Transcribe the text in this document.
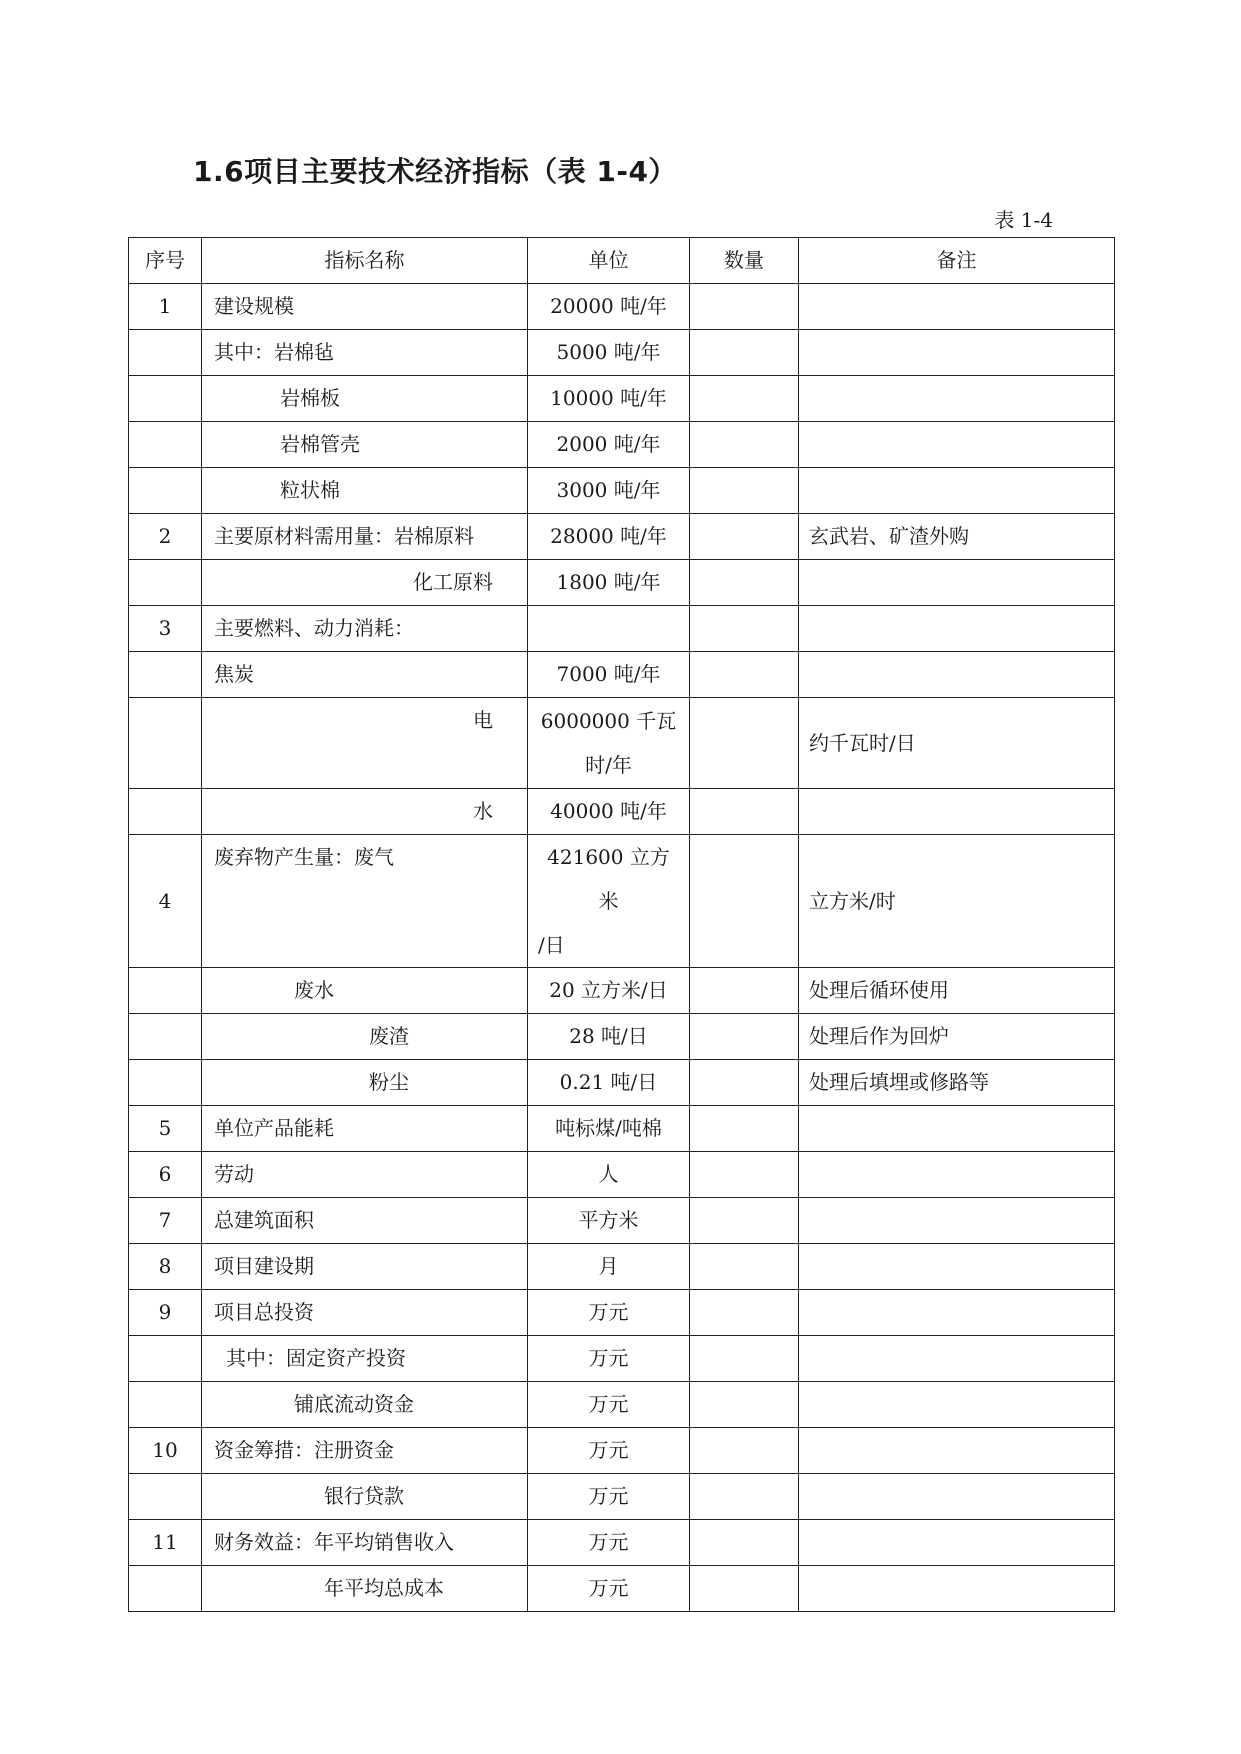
1.6项目主要技术经济指标（表 1-4）
表 1-4
序号	指标名称	单位	数量	备注
1	建设规模	20000 吨/年		
	其中：岩棉毡	5000 吨/年		
	岩棉板	10000 吨/年		
	岩棉管壳	2000 吨/年		
	粒状棉	3000 吨/年		
2	主要原材料需用量：岩棉原料	28000 吨/年		玄武岩、矿渣外购
	化工原料	1800 吨/年		
3	主要燃料、动力消耗：			
	焦炭	7000 吨/年		
	电	6000000 千瓦
时/年		约千瓦时/日
	水	40000 吨/年		
4	废弃物产生量：废气	421600 立方米
/日		立方米/时
	废水	20 立方米/日		处理后循环使用
	废渣	28 吨/日		处理后作为回炉
	粉尘	0.21 吨/日		处理后填埋或修路等
5	单位产品能耗	吨标煤/吨棉		
6	劳动	人		
7	总建筑面积	平方米		
8	项目建设期	月		
9	项目总投资	万元		
	其中：固定资产投资	万元		
	铺底流动资金	万元		
10	资金筹措：注册资金	万元		
	银行贷款	万元		
11	财务效益：年平均销售收入	万元		
	年平均总成本	万元		
